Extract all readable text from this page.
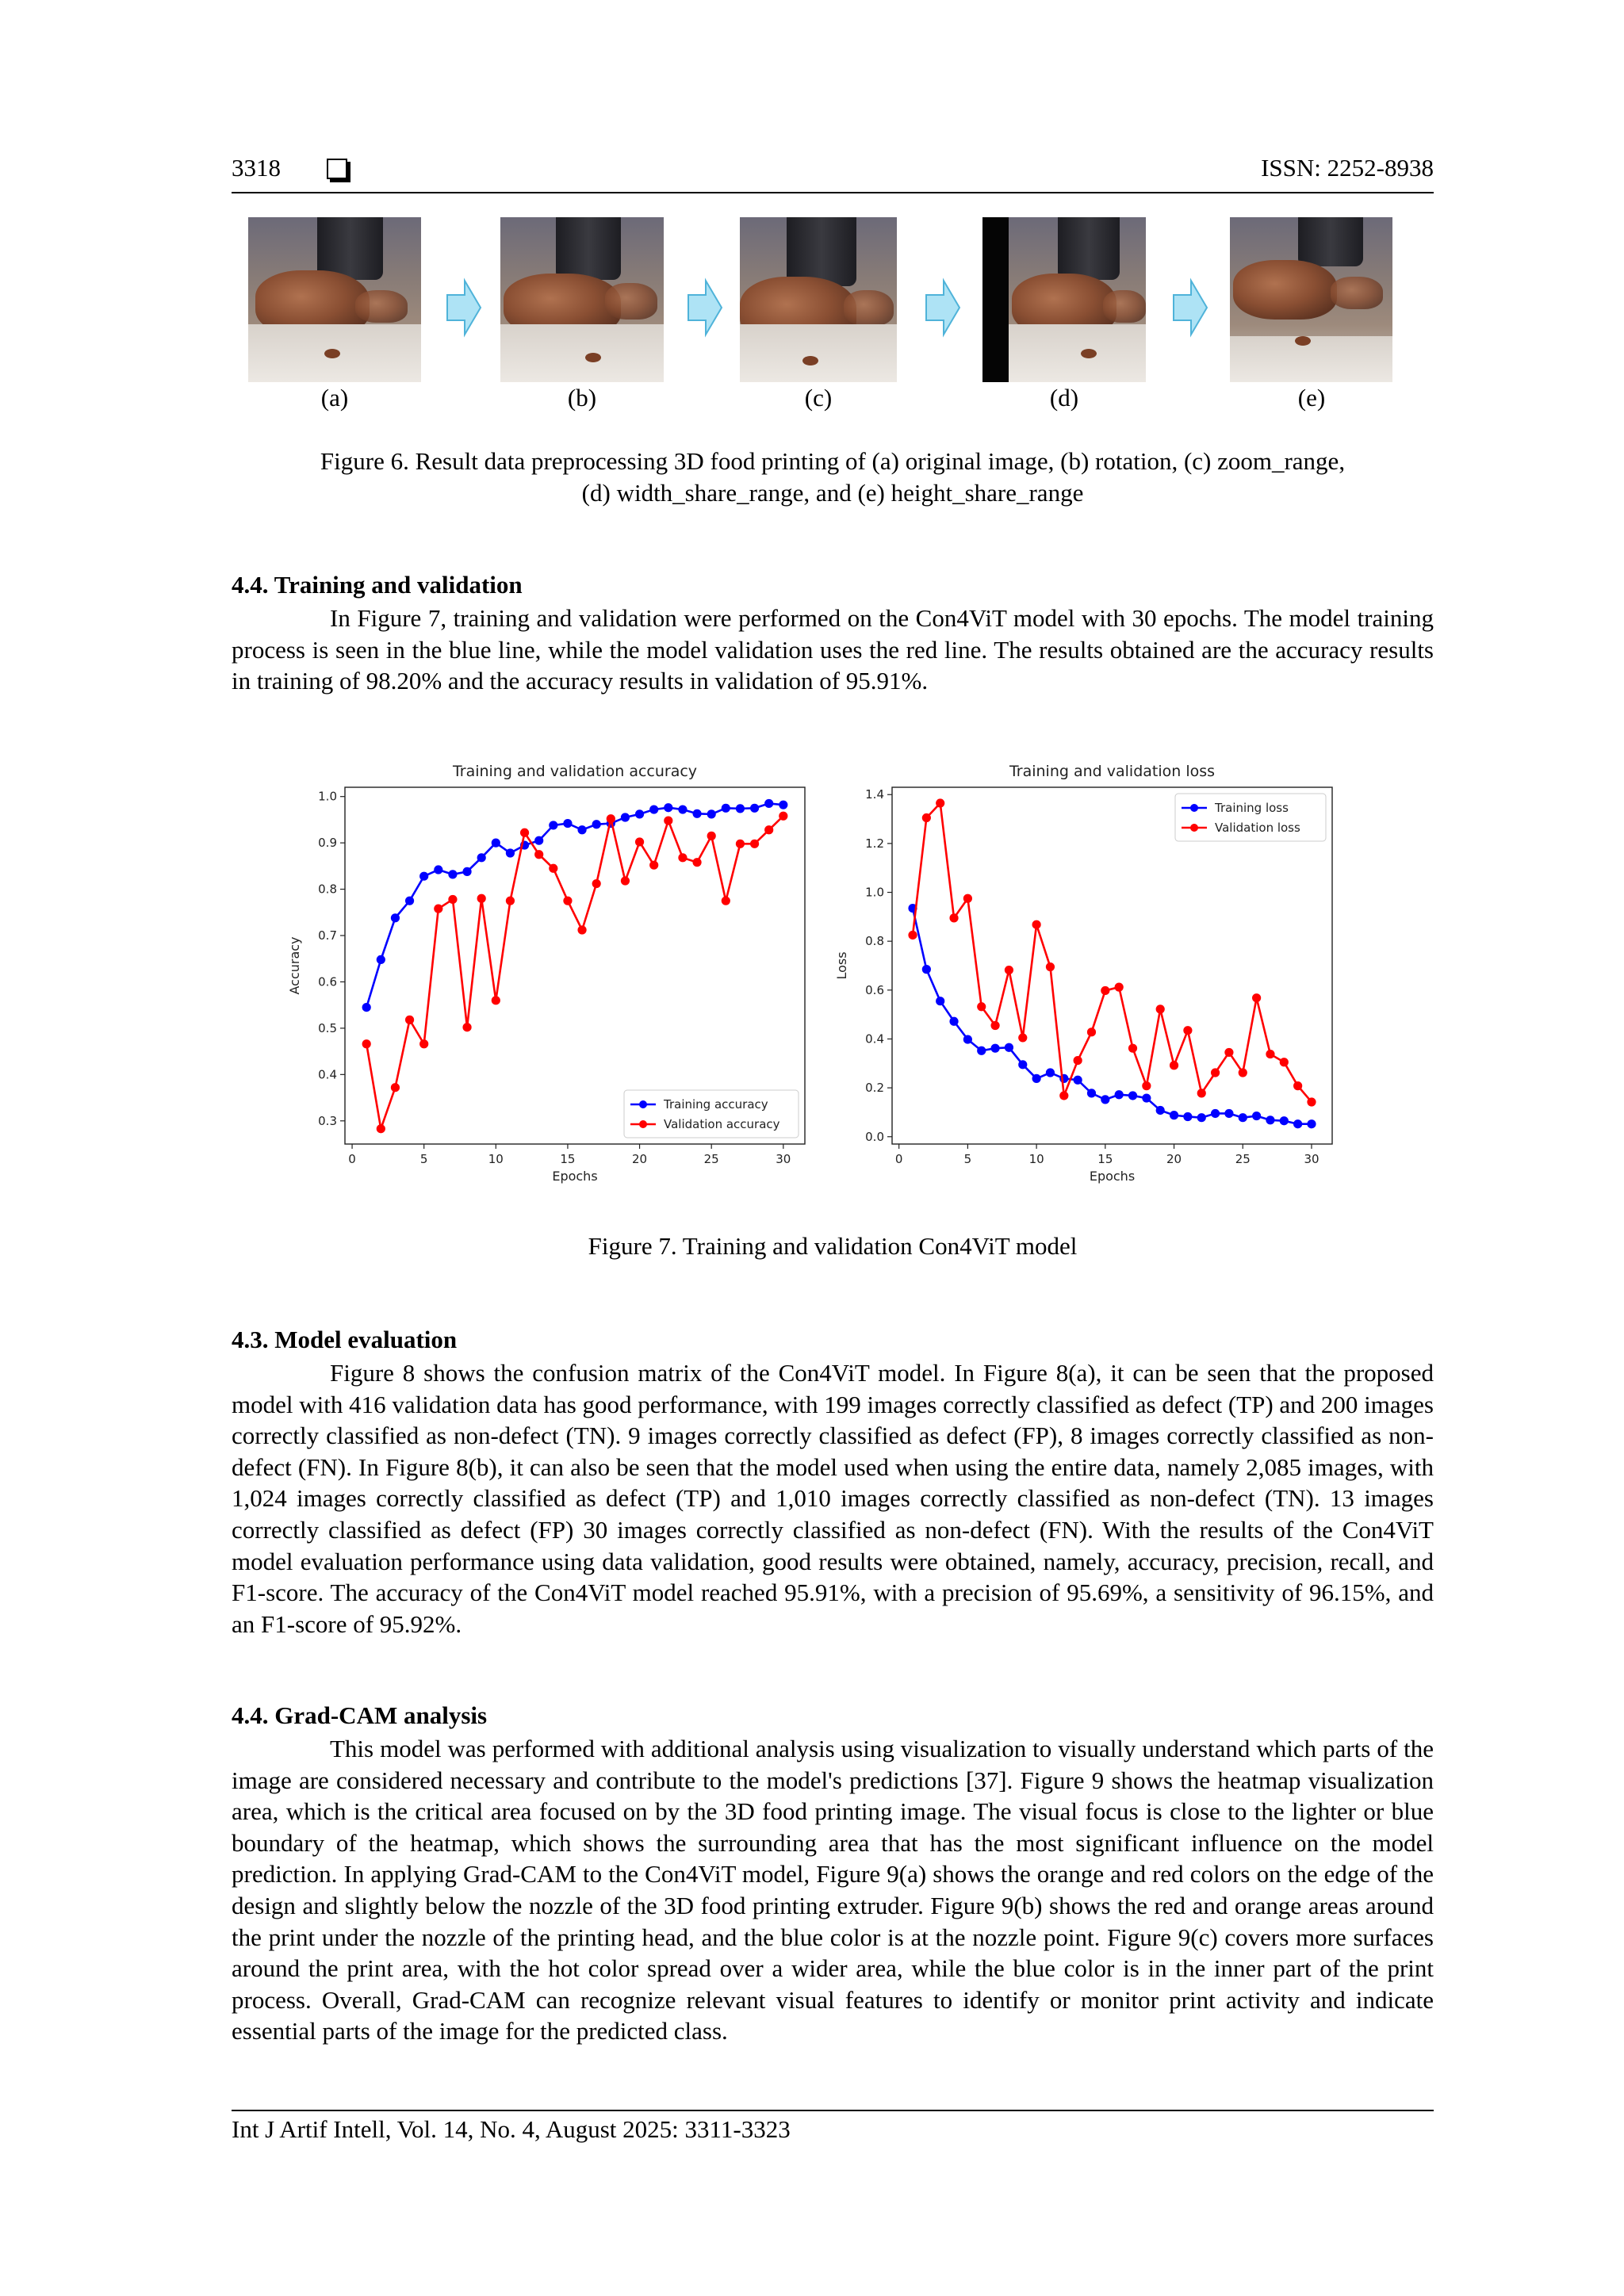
3318	ISSN: 2252-8938
(a)	(b)	(c)	(d)	(e)
Figure 6. Result data preprocessing 3D food printing of (a) original image, (b) rotation, (c) zoom_range,
(d) width_share_range, and (e) height_share_range
4.4. Training and validation
In Figure 7, training and validation were performed on the Con4ViT model with 30 epochs. The model training process is seen in the blue line, while the model validation uses the red line. The results obtained are the accuracy results in training of 98.20% and the accuracy results in validation of 95.91%.
Training and validation accuracy
0	5	10	15	20	25	30
0.3
0.4
0.5
0.6
0.7
0.8
0.9
1.0
Epochs
Accuracy
Training accuracy
Validation accuracy
Training and validation loss
0	5	10	15	20	25	30
0.0
0.2
0.4
0.6
0.8
1.0
1.2
1.4
Epochs
Loss
Training loss
Validation loss
Figure 7. Training and validation Con4ViT model
4.3. Model evaluation
Figure 8 shows the confusion matrix of the Con4ViT model. In Figure 8(a), it can be seen that the proposed model with 416 validation data has good performance, with 199 images correctly classified as defect (TP) and 200 images correctly classified as non-defect (TN). 9 images correctly classified as defect (FP), 8 images correctly classified as non-defect (FN). In Figure 8(b), it can also be seen that the model used when using the entire data, namely 2,085 images, with 1,024 images correctly classified as defect (TP) and 1,010 images correctly classified as non-defect (TN). 13 images correctly classified as defect (FP) 30 images correctly classified as non-defect (FN). With the results of the Con4ViT model evaluation performance using data validation, good results were obtained, namely, accuracy, precision, recall, and F1-score. The accuracy of the Con4ViT model reached 95.91%, with a precision of 95.69%, a sensitivity of 96.15%, and an F1-score of 95.92%.
4.4. Grad-CAM analysis
This model was performed with additional analysis using visualization to visually understand which parts of the image are considered necessary and contribute to the model's predictions [37]. Figure 9 shows the heatmap visualization area, which is the critical area focused on by the 3D food printing image. The visual focus is close to the lighter or blue boundary of the heatmap, which shows the surrounding area that has the most significant influence on the model prediction. In applying Grad-CAM to the Con4ViT model, Figure 9(a) shows the orange and red colors on the edge of the design and slightly below the nozzle of the 3D food printing extruder. Figure 9(b) shows the red and orange areas around the print under the nozzle of the printing head, and the blue color is at the nozzle point. Figure 9(c) covers more surfaces around the print area, with the hot color spread over a wider area, while the blue color is in the inner part of the print process. Overall, Grad-CAM can recognize relevant visual features to identify or monitor print activity and indicate essential parts of the image for the predicted class.
Int J Artif Intell, Vol. 14, No. 4, August 2025: 3311-3323
